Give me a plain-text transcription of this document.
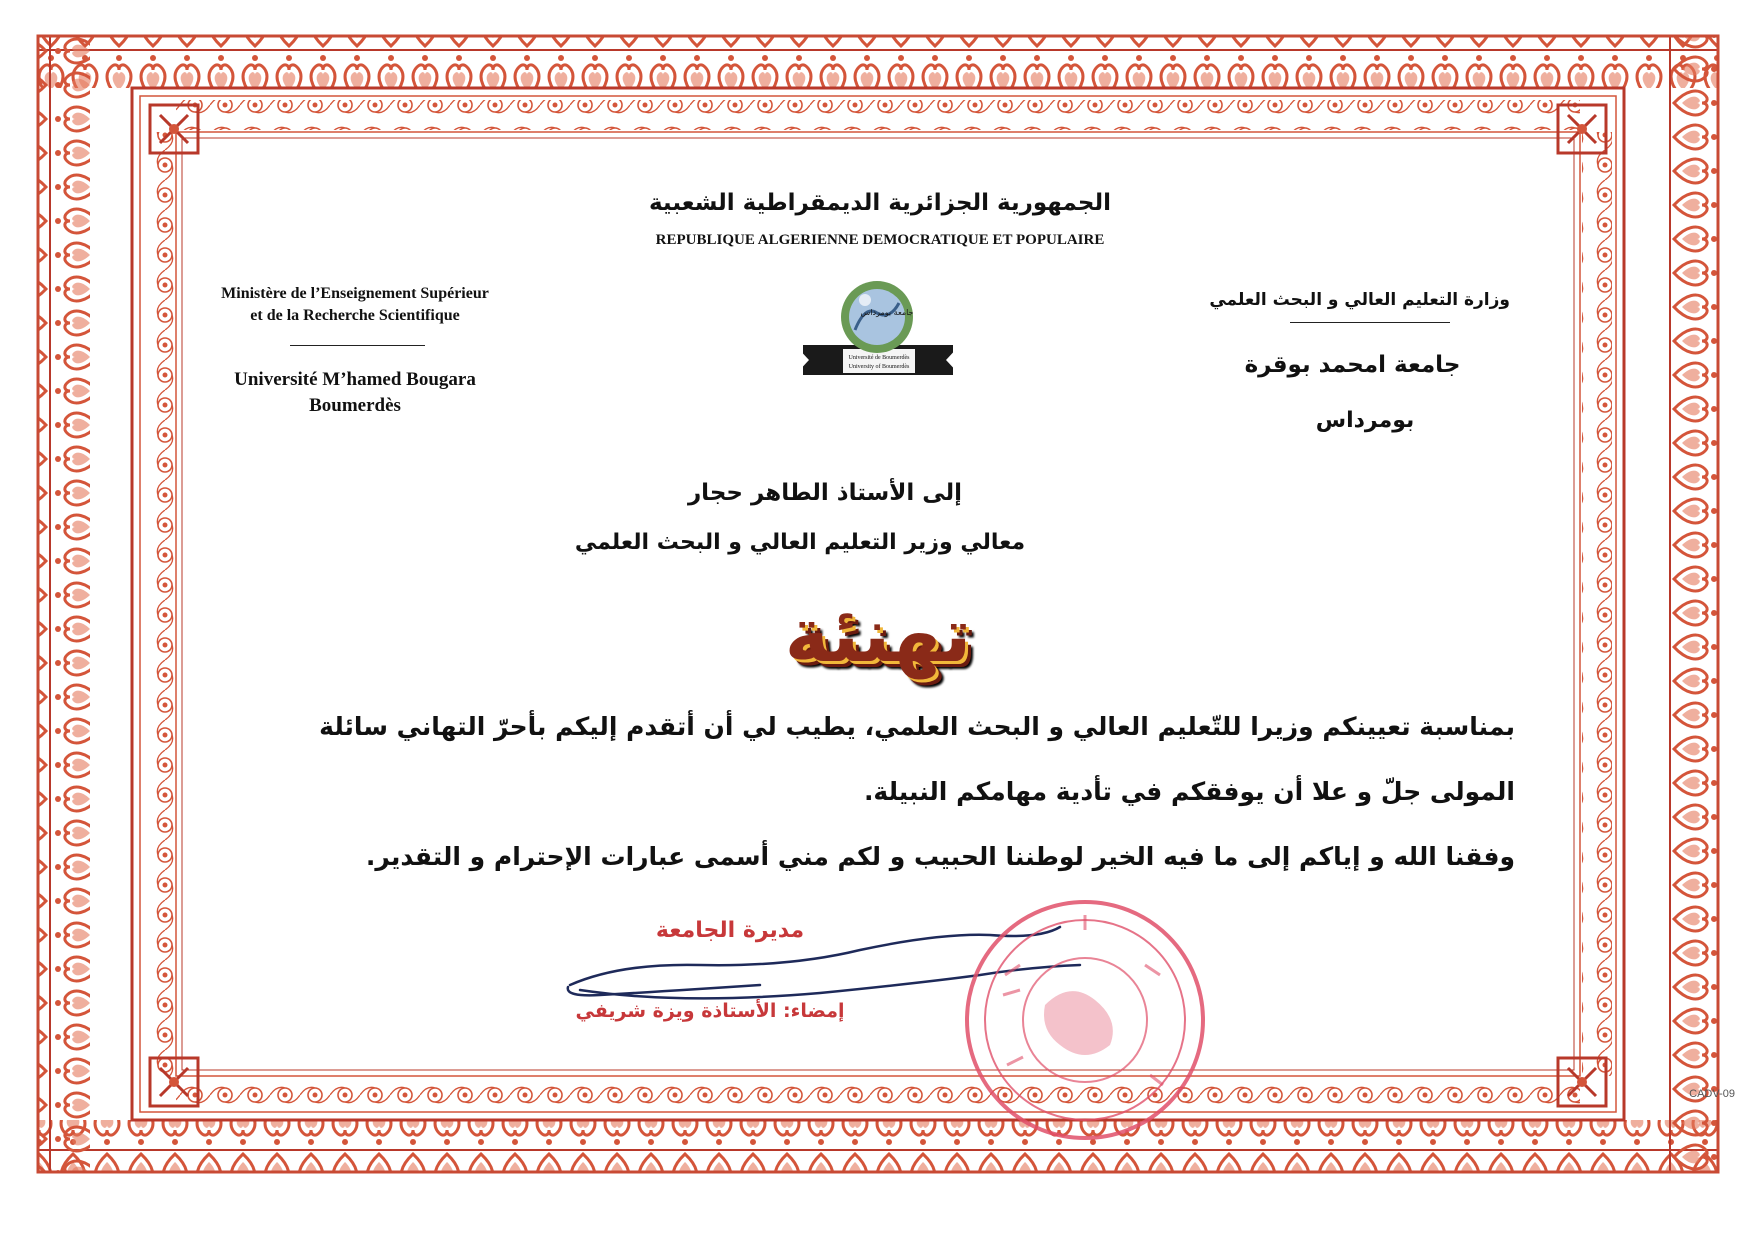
الجمهورية الجزائرية الديمقراطية الشعبية
REPUBLIQUE ALGERIENNE DEMOCRATIQUE ET POPULAIRE
Ministère de l’Enseignement Supérieur
et de la Recherche Scientifique
Université M’hamed Bougara
Boumerdès
وزارة التعليم العالي و البحث العلمي
جامعة امحمد بوقرة
بومرداس
جامعة بومرداس
Université de Boumerdès
University of Boumerdès
إلى الأستاذ الطاهر حجار
معالي وزير التعليم العالي و البحث العلمي
تهنئة
بمناسبة تعيينكم وزيرا للتّعليم العالي و البحث العلمي، يطيب لي أن أتقدم إليكم بأحرّ التهاني سائلة
المولى جلّ و علا أن يوفقكم في تأدية مهامكم النبيلة.
وفقنا الله و إياكم إلى ما فيه الخير لوطننا الحبيب و لكم مني أسمى عبارات الإحترام و التقدير.
مديرة الجامعة
إمضاء: الأستاذة ويزة شريفي
CADV-09
